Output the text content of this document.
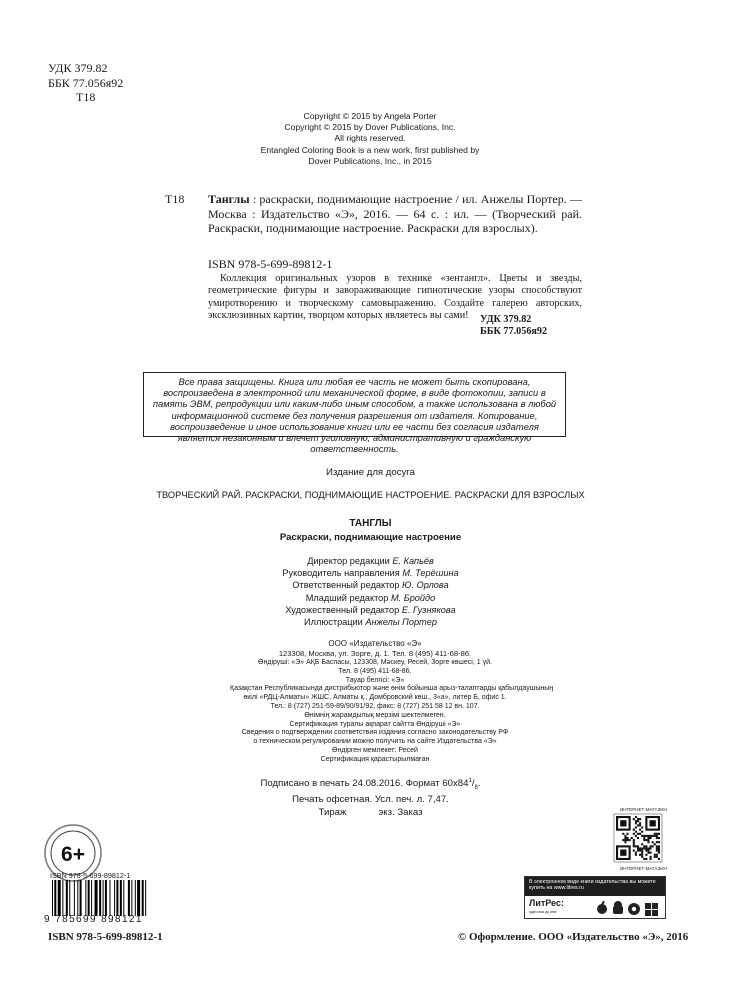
УДК 379.82
ББК 77.056я92
Т18
Copyright © 2015 by Angela Porter
Copyright © 2015 by Dover Publications, Inc.
All rights reserved.
Entangled Coloring Book is a new work, first published by
Dover Publications, Inc., in 2015
Т18 Танглы : раскраски, поднимающие настроение / ил. Анжелы Портер. — Москва : Издательство «Э», 2016. — 64 с. : ил. — (Творческий рай. Раскраски, поднимающие настроение. Раскраски для взрослых).
ISBN 978-5-699-89812-1
Коллекция оригинальных узоров в технике «зентангл». Цветы и звезды, геометрические фигуры и завораживающие гипнотические узоры способствуют умиротворению и творческому самовыражению. Создайте галерею авторских, эксклюзивных картин, творцом которых являетесь вы сами!	УДК 379.82
ББК 77.056я92

Все права защищены. Книга или любая ее часть не может быть скопирована, воспроизведена в электронной или механической форме, в виде фотокопии, записи в память ЭВМ, репродукции или каким-либо иным способом, а также использована в любой информационной системе без получения разрешения от издателя. Копирование, воспроизведение и иное использование книги или ее части без согласия издателя является незаконным и влечет уголовную, административную и гражданскую ответственность.

Издание для досуга
ТВОРЧЕСКИЙ РАЙ. РАСКРАСКИ, ПОДНИМАЮЩИЕ НАСТРОЕНИЕ. РАСКРАСКИ ДЛЯ ВЗРОСЛЫХ
ТАНГЛЫ
Раскраски, поднимающие настроение
Директор редакции Е. Капьёв
Руководитель направления М. Терёшина
Ответственный редактор Ю. Орлова
Младший редактор М. Бройдо
Художественный редактор Е. Гузнякова
Иллюстрации Анжелы Портер
ООО «Издательство «Э»
123308, Москва, ул. Зорге, д. 1. Тел. 8 (495) 411-68-86.
Өндіруші: «Э» АҚБ Баспасы, 123308, Мәскеу, Ресей, Зорге көшесі, 1 үй.
Тел. 8 (495) 411-68-86.
Тауар белгісі: «Э»
Қазақстан Республикасында дистрибьютор және өнім бойынша арыз-талаптарды қабылдаушының
өкілі «РДЦ-Алматы» ЖШС, Алматы қ., Домбровский көш., 3«а», литер Б, офис 1.
Тел.: 8 (727) 251-59-89/90/91/92, факс: 8 (727) 251 58 12 вн. 107.
Өнімнің жарамдылық мерзімі шектелмеген.
Сертификация туралы ақпарат сайтта Өндіруші «Э»
Сведения о подтверждении соответствия издания согласно законодательству РФ
о техническом регулировании можно получить на сайте Издательства «Э»
Өндірген мемлекет: Ресей
Сертификация қарастырылмаған
Подписано в печать 24.08.2016. Формат $60x84^1/_8$.
Печать офсетная. Усл. печ. л. 7,47.
Тираж            экз. Заказ
6+
ISBN 978-5-699-89812-1
9 785699 898121
ISBN 978-5-699-89812-1	© Оформление. ООО «Издательство «Э», 2016
ИНТЕРНЕТ-МАГАЗИН
ИНТЕРНЕТ-МАГАЗИН
В электронном виде книги издательства вы можете купить на www.litres.ru
ЛитРес:
один клик до книг
